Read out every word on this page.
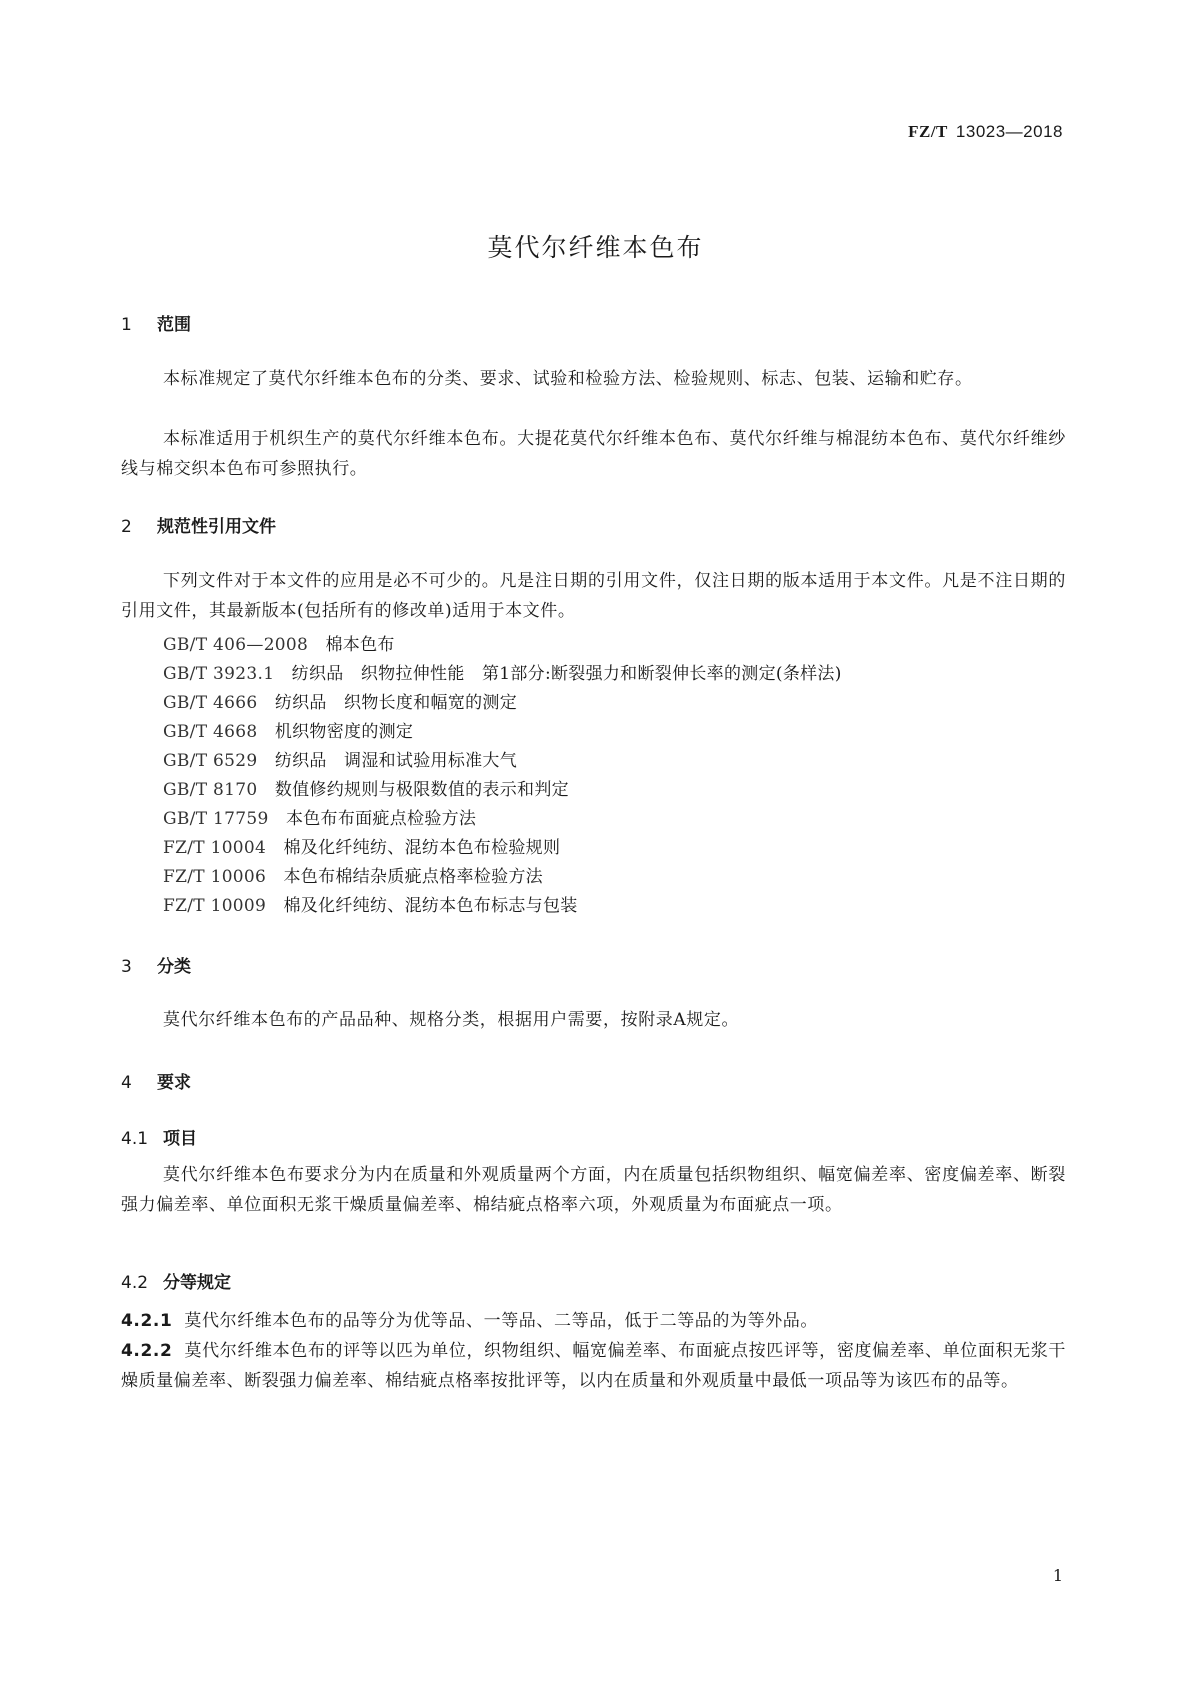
FZ/T 13023—2018
莫代尔纤维本色布
1 范围
本标准规定了莫代尔纤维本色布的分类、要求、试验和检验方法、检验规则、标志、包装、运输和贮存。
本标准适用于机织生产的莫代尔纤维本色布。大提花莫代尔纤维本色布、莫代尔纤维与棉混纺本色布、莫代尔纤维纱线与棉交织本色布可参照执行。
2 规范性引用文件
下列文件对于本文件的应用是必不可少的。凡是注日期的引用文件，仅注日期的版本适用于本文件。凡是不注日期的引用文件，其最新版本(包括所有的修改单)适用于本文件。
GB/T 406—2008　 棉本色布
GB/T 3923.1　 纺织品　织物拉伸性能　第1部分:断裂强力和断裂伸长率的测定(条样法)
GB/T 4666　 纺织品　织物长度和幅宽的测定
GB/T 4668　 机织物密度的测定
GB/T 6529　 纺织品　调湿和试验用标准大气
GB/T 8170　 数值修约规则与极限数值的表示和判定
GB/T 17759　 本色布布面疵点检验方法
FZ/T 10004　 棉及化纤纯纺、混纺本色布检验规则
FZ/T 10006　 本色布棉结杂质疵点格率检验方法
FZ/T 10009　 棉及化纤纯纺、混纺本色布标志与包装
3 分类
莫代尔纤维本色布的产品品种、规格分类，根据用户需要，按附录A规定。
4 要求
4.1 项目
莫代尔纤维本色布要求分为内在质量和外观质量两个方面，内在质量包括织物组织、幅宽偏差率、密度偏差率、断裂强力偏差率、单位面积无浆干燥质量偏差率、棉结疵点格率六项，外观质量为布面疵点一项。
4.2 分等规定
4.2.1 莫代尔纤维本色布的品等分为优等品、一等品、二等品，低于二等品的为等外品。
4.2.2 莫代尔纤维本色布的评等以匹为单位，织物组织、幅宽偏差率、布面疵点按匹评等，密度偏差率、单位面积无浆干燥质量偏差率、断裂强力偏差率、棉结疵点格率按批评等，以内在质量和外观质量中最低一项品等为该匹布的品等。
1
